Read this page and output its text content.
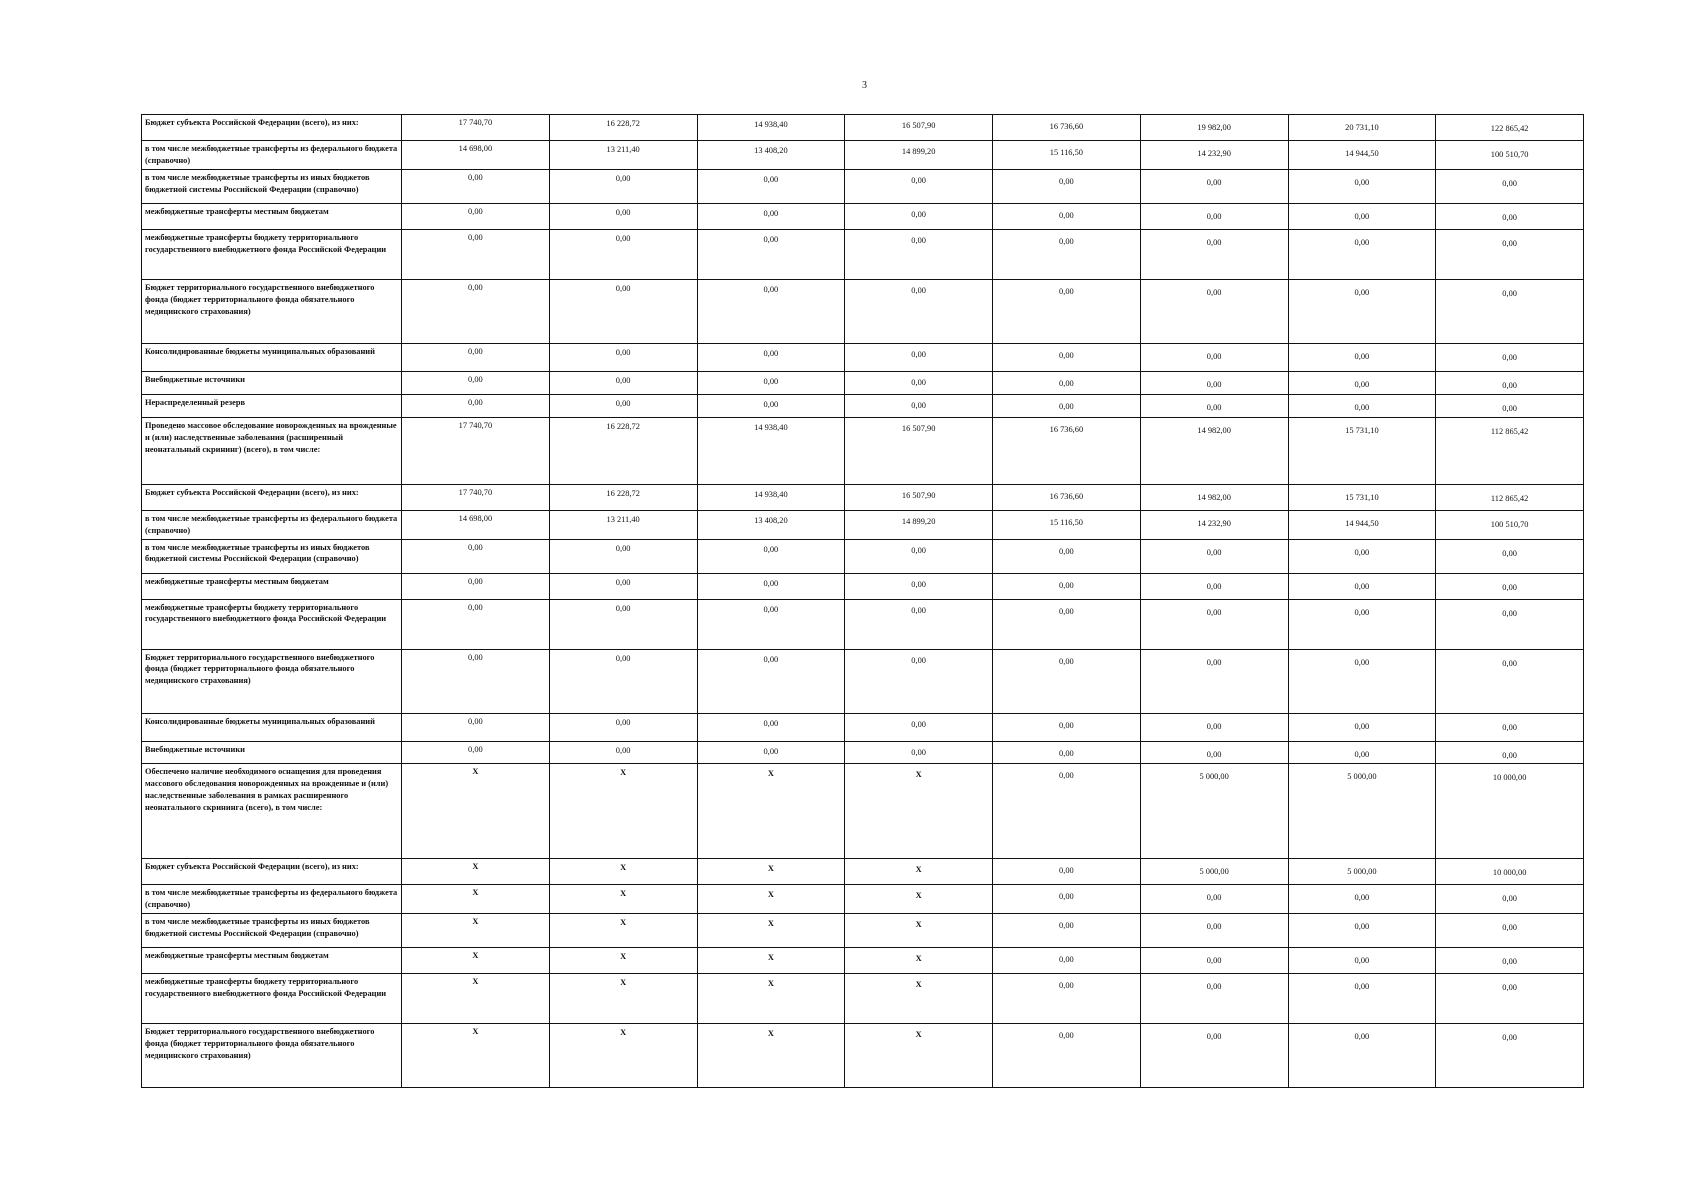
3
Бюджет субъекта Российской Федерации (всего), из них:	17 740,70	16 228,72	14 938,40	16 507,90	16 736,60	19 982,00	20 731,10	122 865,42
в том числе межбюджетные трансферты из федерального бюджета (справочно)	14 698,00	13 211,40	13 408,20	14 899,20	15 116,50	14 232,90	14 944,50	100 510,70
в том числе межбюджетные трансферты из иных бюджетов бюджетной системы Российской Федерации (справочно)	0,00	0,00	0,00	0,00	0,00	0,00	0,00	0,00
межбюджетные трансферты местным бюджетам	0,00	0,00	0,00	0,00	0,00	0,00	0,00	0,00
межбюджетные трансферты бюджету территориального государственного внебюджетного фонда Российской Федерации	0,00	0,00	0,00	0,00	0,00	0,00	0,00	0,00
Бюджет территориального государственного внебюджетного фонда (бюджет территориального фонда обязательного медицинского страхования)	0,00	0,00	0,00	0,00	0,00	0,00	0,00	0,00
Консолидированные бюджеты муниципальных образований	0,00	0,00	0,00	0,00	0,00	0,00	0,00	0,00
Внебюджетные источники	0,00	0,00	0,00	0,00	0,00	0,00	0,00	0,00
Нераспределенный резерв	0,00	0,00	0,00	0,00	0,00	0,00	0,00	0,00
Проведено массовое обследование новорожденных на врожденные и (или) наследственные заболевания (расширенный неонатальный скрининг) (всего), в том числе:	17 740,70	16 228,72	14 938,40	16 507,90	16 736,60	14 982,00	15 731,10	112 865,42
Бюджет субъекта Российской Федерации (всего), из них:	17 740,70	16 228,72	14 938,40	16 507,90	16 736,60	14 982,00	15 731,10	112 865,42
в том числе межбюджетные трансферты из федерального бюджета (справочно)	14 698,00	13 211,40	13 408,20	14 899,20	15 116,50	14 232,90	14 944,50	100 510,70
в том числе межбюджетные трансферты из иных бюджетов бюджетной системы Российской Федерации (справочно)	0,00	0,00	0,00	0,00	0,00	0,00	0,00	0,00
межбюджетные трансферты местным бюджетам	0,00	0,00	0,00	0,00	0,00	0,00	0,00	0,00
межбюджетные трансферты бюджету территориального государственного внебюджетного фонда Российской Федерации	0,00	0,00	0,00	0,00	0,00	0,00	0,00	0,00
Бюджет территориального государственного внебюджетного фонда (бюджет территориального фонда обязательного медицинского страхования)	0,00	0,00	0,00	0,00	0,00	0,00	0,00	0,00
Консолидированные бюджеты муниципальных образований	0,00	0,00	0,00	0,00	0,00	0,00	0,00	0,00
Внебюджетные источники	0,00	0,00	0,00	0,00	0,00	0,00	0,00	0,00
Обеспечено наличие необходимого оснащения для проведения массового обследования новорожденных на врожденные и (или) наследственные заболевания в рамках расширенного неонатального скрининга (всего), в том числе:	X	X	X	X	0,00	5 000,00	5 000,00	10 000,00
Бюджет субъекта Российской Федерации (всего), из них:	X	X	X	X	0,00	5 000,00	5 000,00	10 000,00
в том числе межбюджетные трансферты из федерального бюджета (справочно)	X	X	X	X	0,00	0,00	0,00	0,00
в том числе межбюджетные трансферты из иных бюджетов бюджетной системы Российской Федерации (справочно)	X	X	X	X	0,00	0,00	0,00	0,00
межбюджетные трансферты местным бюджетам	X	X	X	X	0,00	0,00	0,00	0,00
межбюджетные трансферты бюджету территориального государственного внебюджетного фонда Российской Федерации	X	X	X	X	0,00	0,00	0,00	0,00
Бюджет территориального государственного внебюджетного фонда (бюджет территориального фонда обязательного медицинского страхования)	X	X	X	X	0,00	0,00	0,00	0,00
